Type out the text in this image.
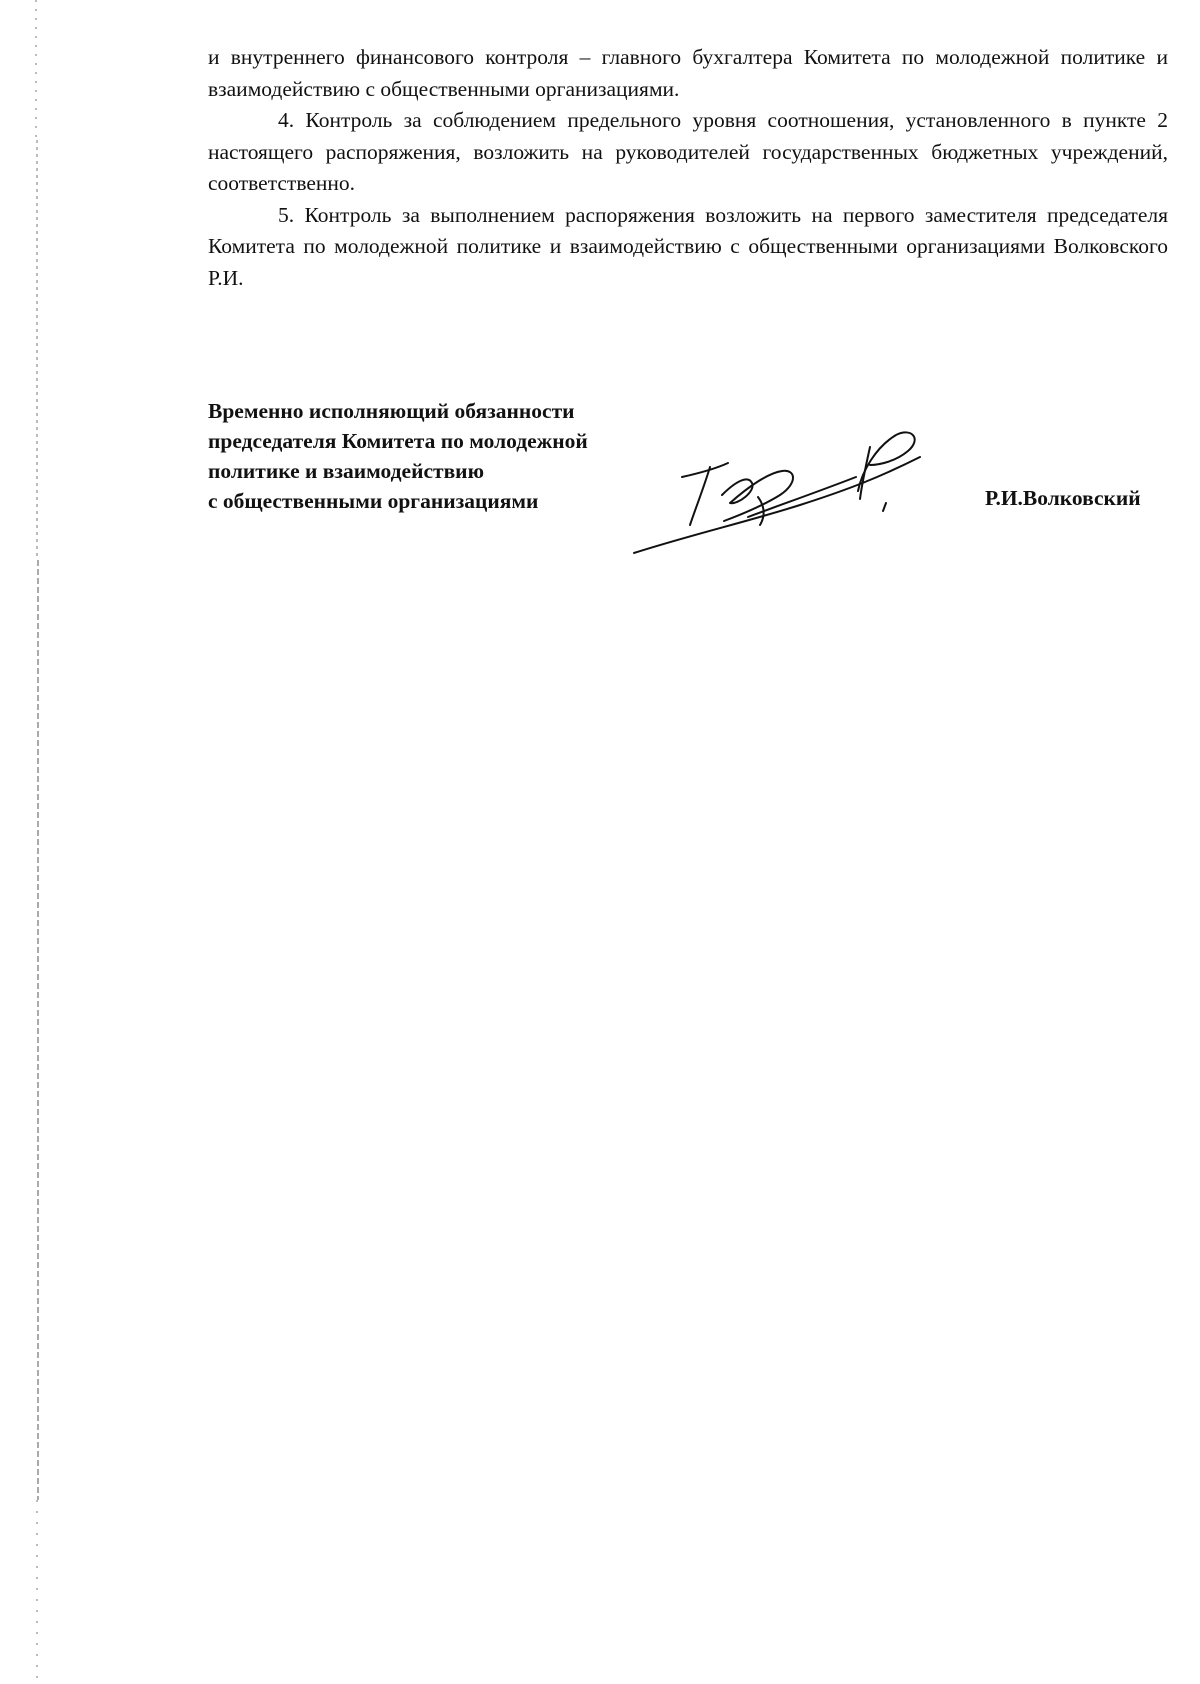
и внутреннего финансового контроля – главного бухгалтера Комитета по молодежной политике и взаимодействию с общественными организациями.

4. Контроль за соблюдением предельного уровня соотношения, установленного в пункте 2 настоящего распоряжения, возложить на руководителей государственных бюджетных учреждений, соответственно.

5. Контроль за выполнением распоряжения возложить на первого заместителя председателя Комитета по молодежной политике и взаимодействию с общественными организациями Волковского Р.И.

Временно исполняющий обязанности
председателя Комитета по молодежной
политике и взаимодействию
с общественными организациями	Р.И.Волковский
